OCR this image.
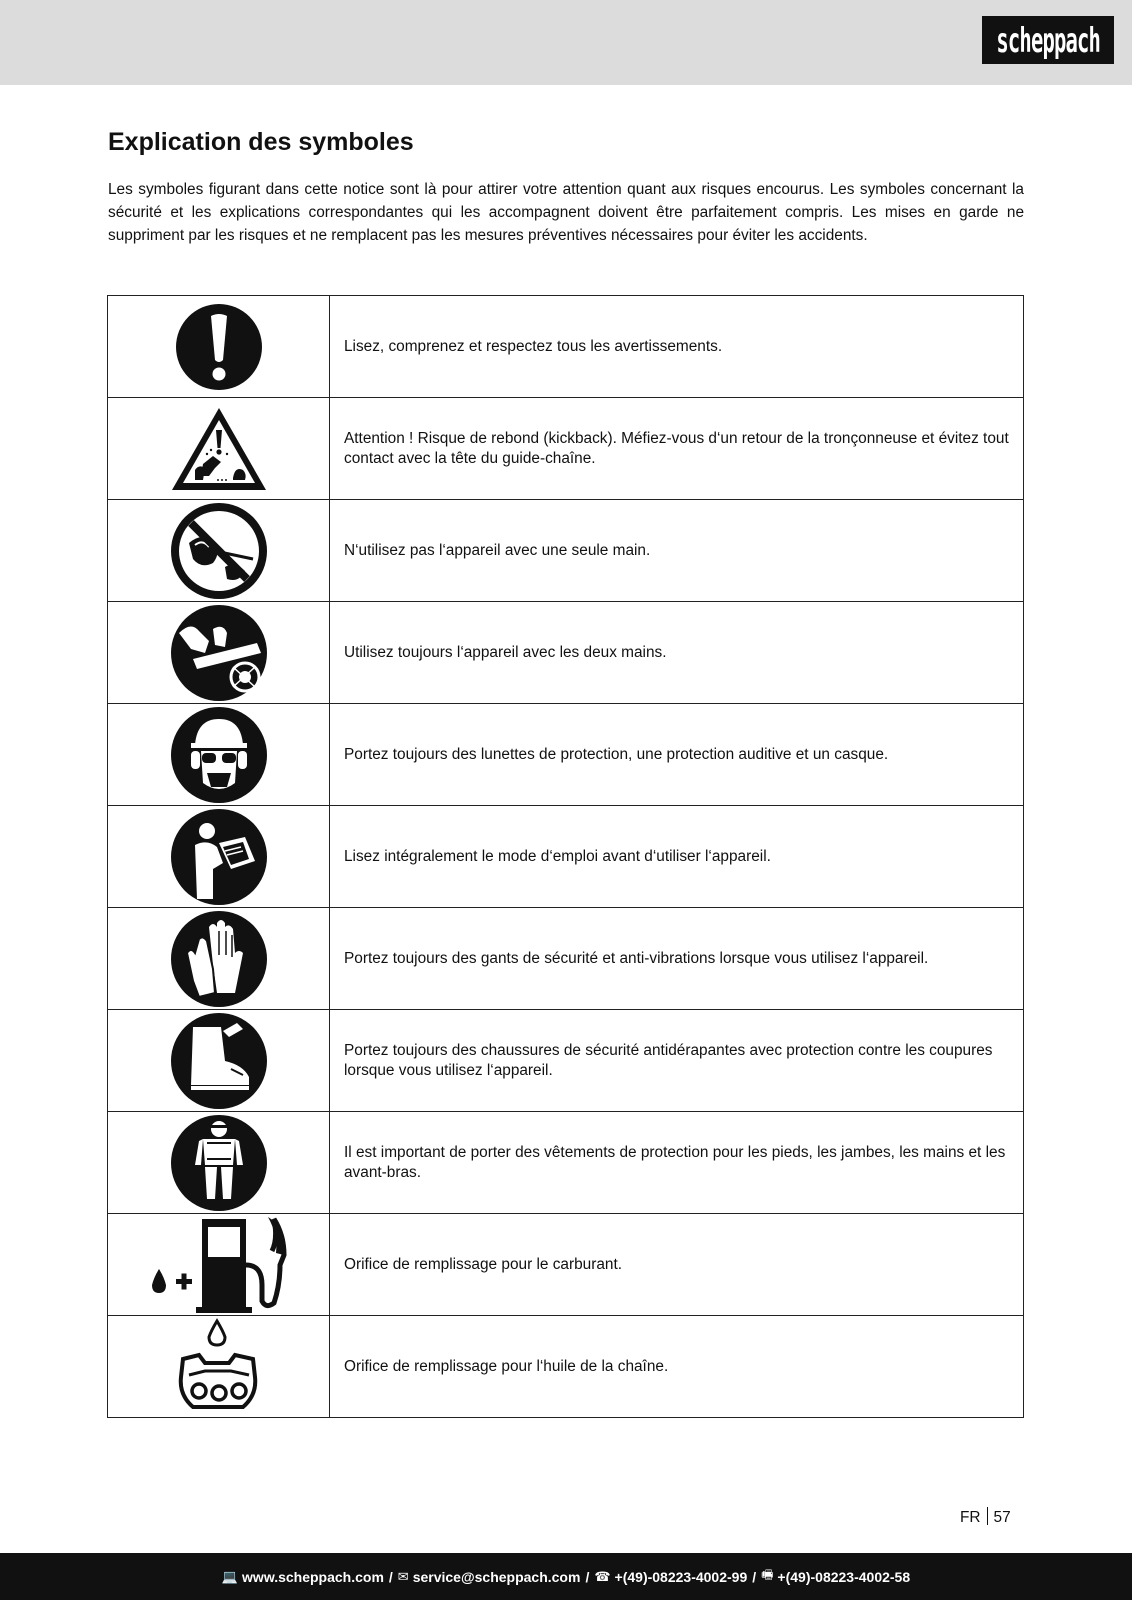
scheppach
Explication des symboles

Les symboles figurant dans cette notice sont là pour attirer votre attention quant aux risques encourus. Les symboles concernant la sécurité et les explications correspondantes qui les accompagnent doivent être parfaitement compris. Les mises en garde ne suppriment par les risques et ne remplacent pas les mesures préventives nécessaires pour éviter les accidents.

	Lisez, comprenez et respectez tous les avertissements.

	Attention ! Risque de rebond (kickback). Méfiez-vous d‘un retour de la tronçonneuse et évitez tout contact avec la tête du guide-chaîne.

	N‘utilisez pas l‘appareil avec une seule main.

	Utilisez toujours l‘appareil avec les deux mains.

	Portez toujours des lunettes de protection, une protection auditive et un casque.

	Lisez intégralement le mode d‘emploi avant d‘utiliser l‘appareil.

	Portez toujours des gants de sécurité et anti-vibrations lorsque vous utilisez l‘appareil.

	Portez toujours des chaussures de sécurité antidérapantes avec protection contre les coupures lorsque vous utilisez l‘appareil.

	Il est important de porter des vêtements de protection pour les pieds, les jambes, les mains et les avant-bras.

	Orifice de remplissage pour le carburant.

	Orifice de remplissage pour l‘huile de la chaîne.
FR 57
💻 www.scheppach.com / ✉ service@scheppach.com / ☎ +(49)-08223-4002-99 / 🖷 +(49)-08223-4002-58
